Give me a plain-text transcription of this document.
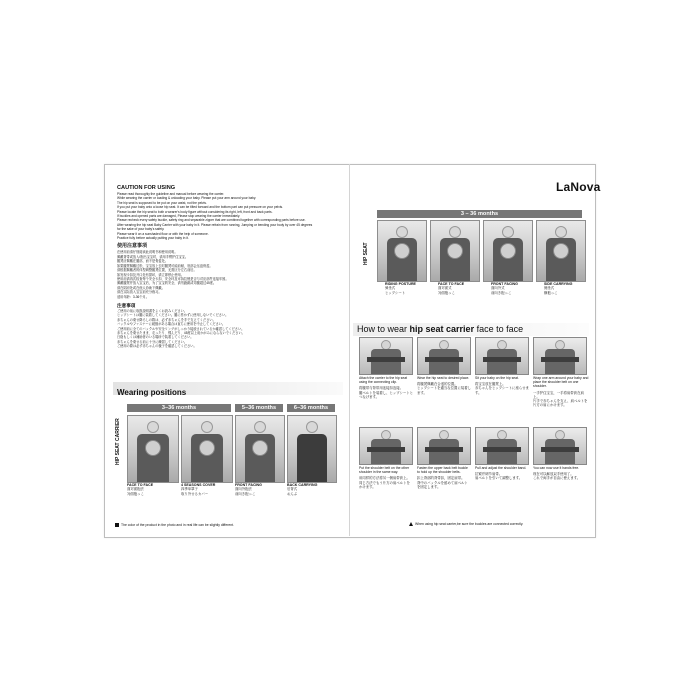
CAUTION FOR USING
Please read thoroughly the guideline and manual before wearing the carrier.
While wearing the carrier or loading & unloading your baby. Please put your arm around your baby.
The hip seat is supposed to be put on your waist, not the pelvis.
If you put your baby onto a loose hip seat. It can be tilted forward and the bottom part can put pressure on your pelvis.
Please locate the hip seat to both a wearer's body figure without considering its right, left, front and back parts.
If buckles and opened parts are damaged, Please stop wearing the carrier immediately.
Please recheck every safety buckle, safety ring and separable zipper that are combined together with corresponding parts before use.
After wearing the hip seat Baby Carrier with your baby in it. Please refrain from running, Jumping or bending your body by over 45 degrees
for the sake of your baby's safety.
Please wear it on a sunshaded floor or with the help of someone.
Practice fully before actually putting your baby in it.
使用注意事项
在使用前请仔细阅读此说明书和使用说明。
佩戴背带或放入/抱出宝宝时，请用手臂护住宝宝。
腰凳应佩戴在腰部，而不是骨盆处。
如果腰凳佩戴过松，宝宝放上去时腰凳可能前倾，底部会压迫骨盆。
请根据佩戴者的体型调整腰凳位置，无需区分左右前后。
如发现卡扣及开口处有损坏，请立即停止使用。
使用前请再次检查每个安全卡扣、安全环及可拆拉链是否与对应部件连接牢固。
佩戴腰凳并放入宝宝后，为了宝宝的安全，请勿跑跳或弯腰超过45度。
请在阴凉处或在他人协助下佩戴。
请在实际放入宝宝前充分练习。
适用年龄：3-36个月。
注意事項
ご使用の前に取扱説明書をよくお読みください。
ヒップシートは腰に装着してください。腰に巻かずに使用しないでください。
赤ちゃんの乗せ降ろしの際は、必ず赤ちゃんを手で支えてください。
バックルやファスナーに破損がある場合は直ちに使用を中止してください。
ご使用前に全てのバックルや安全リングがしっかり接続されているか確認してください。
赤ちゃんを乗せたまま、走ったり、飛んだり、45度以上前かがみにならないでください。
日陰もしくは補助者のいる場所で装着してください。
赤ちゃんを乗せる前に十分に練習してください。
ご使用の際は必ず赤ちゃんの様子を確認してください。
Wearing positions
3–36 months	5–36 months	6–36 months
HIP SEAT CARRIER
FACE TO FACE
面对面抱法
対面抱っこ
4 SEASONS COVER
四季单罩子
取り外せるカバー
FRONT FACING
面向外抱法
前向き抱っこ
BACK CARRYING
后背式
おんぶ
The color of the product in the photo and in real life can be slightly different.
LaNova
3 – 36 months
HIP SEAT
RIDING POSTURE
骑坐式
ヒップシート
FACE TO FACE
面对面式
対面抱っこ
FRONT FACING
面向外式
前向き抱っこ
SIDE CARRYING
侧坐式
横抱っこ
How to wear hip seat carrier face to face
Attach the carrier to the hip seat using the connecting clip.
将腰带与背带用连接扣连接。
腰ベルトを装着し、ヒップシートとつなげます。
Wear the hip seat to desired place.
将腰凳佩戴在合适的位置。
ヒップシートを適当な位置に装着します。
Sit your baby on the hip seat.
将宝宝放在腰凳上。
赤ちゃんをヒップシートに座らせます。
Wrap one arm around your baby and place the shoulder belt on one shoulder.
一手护住宝宝，一手将肩带套在肩上。
片手で赤ちゃんを支え、肩ベルトを片方の肩にかけます。
Put the shoulder belt on the other shoulder in the same way.
用同样的方法将另一侧肩带套上。
同じ方法でもう片方の肩ベルトをかけます。
Fasten the upper back belt buckle to hold up the shoulder belts.
扣上背部的背带扣，固定肩带。
背中のバックルを留めて肩ベルトを固定します。
Pull and adjust the shoulder band.
拉紧并调节肩带。
肩ベルトを引いて調整します。
You can now use it hands free.
现在可以解放双手使用了。
これで両手が自由に使えます。
When using hip seat carrier,be sure the buckles are connected correctly.
